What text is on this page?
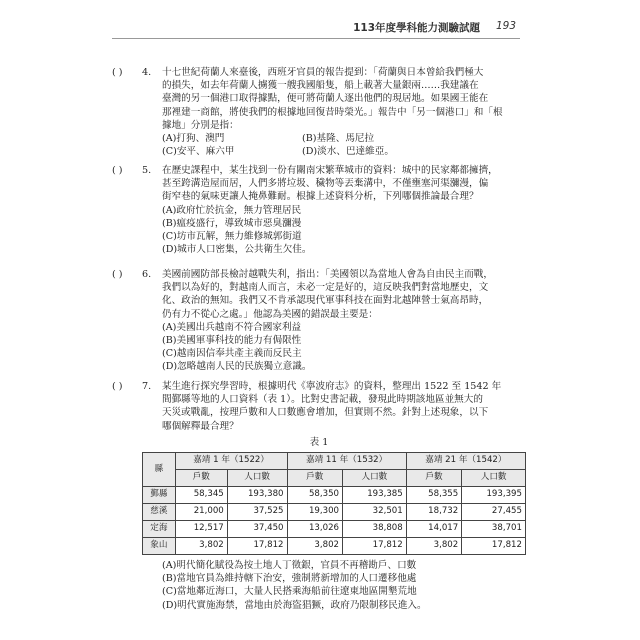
113年度學科能力測驗試題 193
( ) 4. 十七世紀荷蘭人來臺後，西班牙官員的報告提到：「荷蘭與日本曾給我們極大
的損失，如去年荷蘭人擄獲一艘我國船隻，船上載著大量銀兩……我建議在
臺灣的另一個港口取得據點，便可將荷蘭人逐出他們的現居地。如果國王能在
那裡建一商館，將使我們的根據地回復昔時榮光。」報告中「另一個港口」和「根
據地」分別是指：
(A)打狗、澳門	(B)基隆、馬尼拉
(C)安平、麻六甲	(D)淡水、巴達維亞。
( ) 5. 在歷史課程中，某生找到一份有關南宋繁華城市的資料：城中的民家鄰都擁擠，
甚至跨溝造屋而居，人們多將垃圾、穢物等丟棄溝中，不僅壅塞河渠瀰漫，偏
街窄巷的氣味更讓人掩鼻難耐。根據上述資料分析，下列哪個推論最合理？
(A)政府忙於抗金，無力管理居民
(B)瘟疫盛行，導致城市惡臭瀰漫
(C)坊市瓦解，無力維修城郭街道
(D)城市人口密集，公共衛生欠佳。
( ) 6. 美國前國防部長檢討越戰失利，指出：「美國領以為當地人會為自由民主而戰，
我們以為好的，對越南人而言，未必一定是好的，這反映我們對當地歷史，文
化、政治的無知。我們又不肯承認現代軍事科技在面對北越陣營士氣高昂時，
仍有力不從心之處。」他認為美國的錯誤最主要是：
(A)美國出兵越南不符合國家利益
(B)美國軍事科技的能力有侷限性
(C)越南因信奉共產主義而反民主
(D)忽略越南人民的民族獨立意識。
( ) 7. 某生進行探究學習時，根據明代《寧波府志》的資料，整理出 1522 至 1542 年
間鄞縣等地的人口資料（表 1）。比對史書記載，發現此時期該地區並無大的
天災或戰亂，按理戶數和人口數應會增加，但實則不然。針對上述現象，以下
哪個解釋最合理？
表 1
縣	嘉靖 1 年（1522）		嘉靖 11 年（1532）		嘉靖 21 年（1542）	
	戶數	人口數	戶數	人口數	戶數	人口數
鄞縣	58,345	193,380	58,350	193,385	58,355	193,395
慈溪	21,000	37,525	19,300	32,501	18,732	27,455
定海	12,517	37,450	13,026	38,808	14,017	38,701
象山	3,802	17,812	3,802	17,812	3,802	17,812
(A)明代簡化賦役為按土地人丁徵銀，官員不再稽勘戶、口數
(B)當地官員為維持轄下治安，強制將新增加的人口遷移他處
(C)當地鄰近海口，大量人民搭乘海船前往遼東地區開墾荒地
(D)明代實施海禁，當地由於海盜猖獗，政府乃限制移民進入。
